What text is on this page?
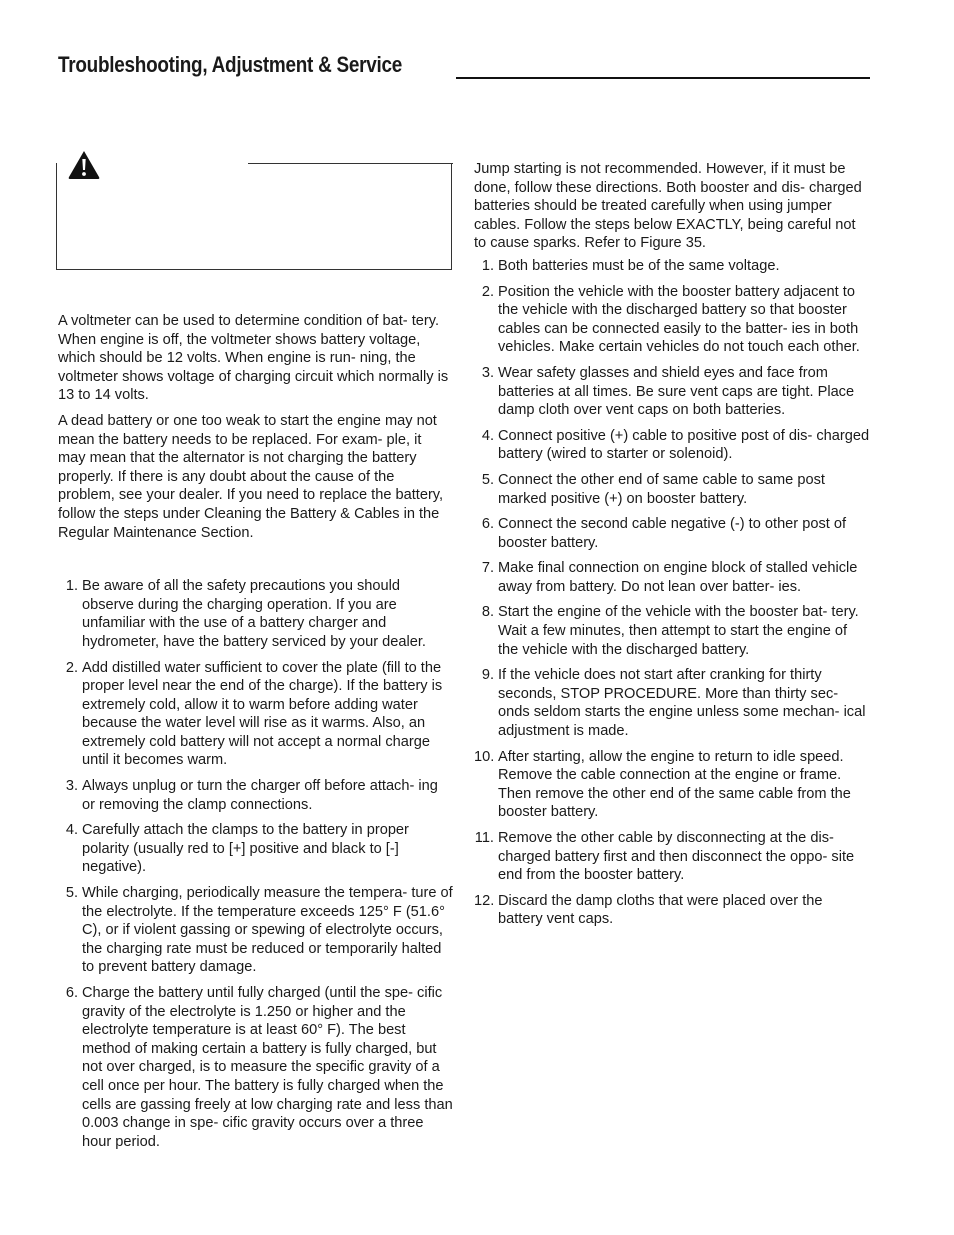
Troubleshooting, Adjustment & Service

A voltmeter can be used to determine condition of bat- tery. When engine is off, the voltmeter shows battery voltage, which should be 12 volts. When engine is run- ning, the voltmeter shows voltage of charging circuit which normally is 13 to 14 volts.

A dead battery or one too weak to start the engine may not mean the battery needs to be replaced. For exam- ple, it may mean that the alternator is not charging the battery properly. If there is any doubt about the cause of the problem, see your dealer. If you need to replace the battery, follow the steps under Cleaning the Battery & Cables in the Regular Maintenance Section.

1. Be aware of all the safety precautions you should observe during the charging operation. If you are unfamiliar with the use of a battery charger and hydrometer, have the battery serviced by your dealer.
2. Add distilled water sufficient to cover the plate (fill to the proper level near the end of the charge). If the battery is extremely cold, allow it to warm before adding water because the water level will rise as it warms. Also, an extremely cold battery will not accept a normal charge until it becomes warm.
3. Always unplug or turn the charger off before attach- ing or removing the clamp connections.
4. Carefully attach the clamps to the battery in proper polarity (usually red to [+] positive and black to [-] negative).
5. While charging, periodically measure the tempera- ture of the electrolyte. If the temperature exceeds 125° F (51.6° C), or if violent gassing or spewing of electrolyte occurs, the charging rate must be reduced or temporarily halted to prevent battery damage.
6. Charge the battery until fully charged (until the spe- cific gravity of the electrolyte is 1.250 or higher and the electrolyte temperature is at least 60° F). The best method of making certain a battery is fully charged, but not over charged, is to measure the specific gravity of a cell once per hour. The battery is fully charged when the cells are gassing freely at low charging rate and less than 0.003 change in spe- cific gravity occurs over a three hour period.

Jump starting is not recommended. However, if it must be done, follow these directions. Both booster and dis- charged batteries should be treated carefully when using jumper cables. Follow the steps below EXACTLY, being careful not to cause sparks. Refer to Figure 35.

1. Both batteries must be of the same voltage.
2. Position the vehicle with the booster battery adjacent to the vehicle with the discharged battery so that booster cables can be connected easily to the batter- ies in both vehicles. Make certain vehicles do not touch each other.
3. Wear safety glasses and shield eyes and face from batteries at all times. Be sure vent caps are tight. Place damp cloth over vent caps on both batteries.
4. Connect positive (+) cable to positive post of dis- charged battery (wired to starter or solenoid).
5. Connect the other end of same cable to same post marked positive (+) on booster battery.
6. Connect the second cable negative (-) to other post of booster battery.
7. Make final connection on engine block of stalled vehicle away from battery. Do not lean over batter- ies.
8. Start the engine of the vehicle with the booster bat- tery. Wait a few minutes, then attempt to start the engine of the vehicle with the discharged battery.
9. If the vehicle does not start after cranking for thirty seconds, STOP PROCEDURE. More than thirty sec- onds seldom starts the engine unless some mechan- ical adjustment is made.
10. After starting, allow the engine to return to idle speed. Remove the cable connection at the engine or frame. Then remove the other end of the same cable from the booster battery.
11. Remove the other cable by disconnecting at the dis- charged battery first and then disconnect the oppo- site end from the booster battery.
12. Discard the damp cloths that were placed over the battery vent caps.
